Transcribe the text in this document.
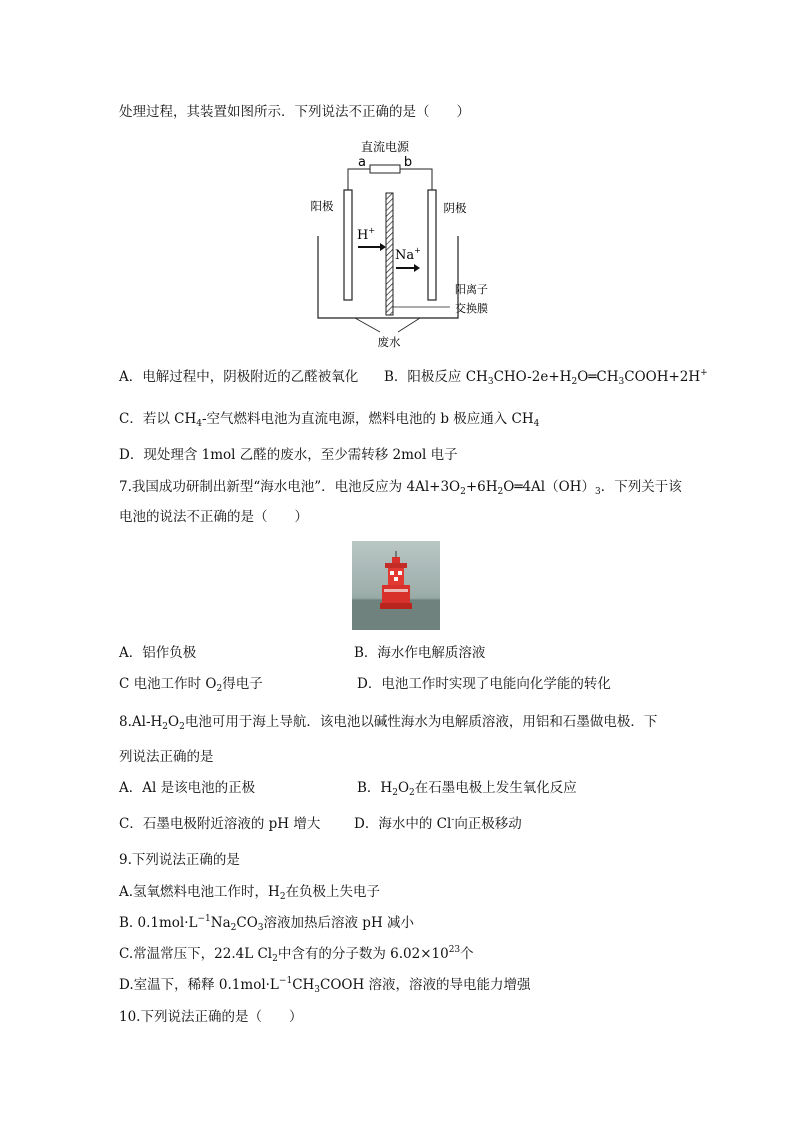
处理过程，其装置如图所示．下列说法不正确的是（　　）
直流电源
a	b
阳极	阴极
H+
Na+
阳离子
交换膜
废水
A．电解过程中，阴极附近的乙醛被氧化 B．阳极反应 $CH_3CHO-2e+H_2O═CH_3COOH+2H^+$
C．若以 $CH_4-$空气燃料电池为直流电源，燃料电池的 b 极应通入 $CH_4$
D．现处理含 1mol 乙醛的废水，至少需转移 2mol 电子
7.我国成功研制出新型“海水电池”．电池反应为 $4Al+3O_2+6H_2O═4Al(OH)_3$．下列关于该
电池的说法不正确的是（　　）
A．铝作负极	B．海水作电解质溶液
C 电池工作时 $O_2$得电子	D．电池工作时实现了电能向化学能的转化
$8.Al-H_2O_2$电池可用于海上导航．该电池以碱性海水为电解质溶液，用铝和石墨做电极．下
列说法正确的是
A．Al 是该电池的正极	B．$H_2O_2$在石墨电极上发生氧化反应
C．石墨电极附近溶液的 pH 增大 D．海水中的 Cl-向正极移动
9.下列说法正确的是
A.氢氧燃料电池工作时，$H_2$在负极上失电子
B. $0.1mol\cdot L^{-1}Na_2CO_3$溶液加热后溶液 pH 减小
C.常温常压下，22.4L $Cl_2$中含有的分子数为 $6.02\times 10^{23}$个
D.室温下，稀释 $0.1mol\cdot L^{-1}CH_3COOH$ 溶液，溶液的导电能力增强
10.下列说法正确的是（　　）
